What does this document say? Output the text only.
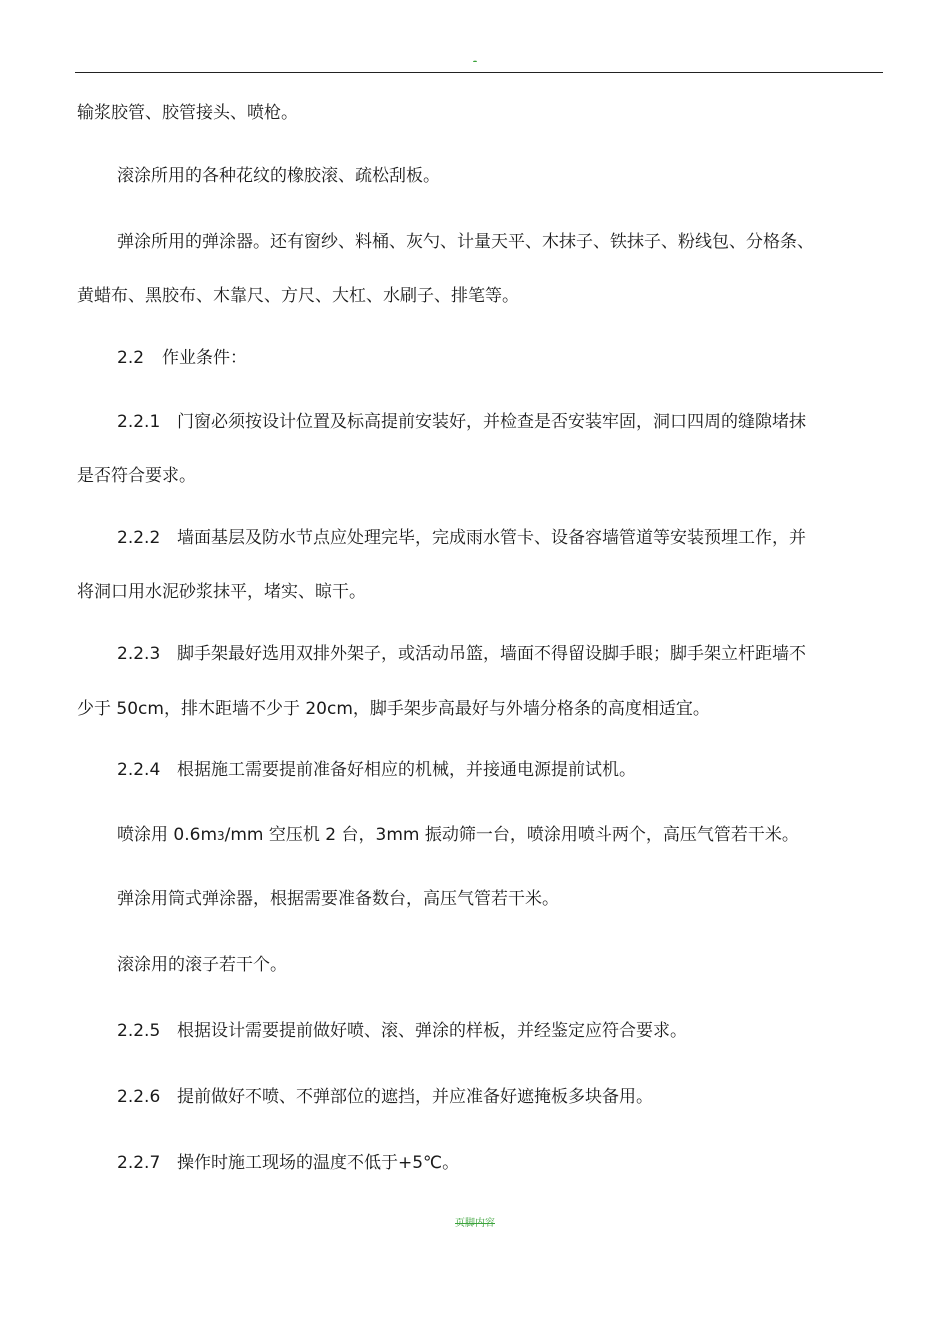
-
输浆胶管、胶管接头、喷枪。
滚涂所用的各种花纹的橡胶滚、疏松刮板。
弹涂所用的弹涂器。还有窗纱、料桶、灰勺、计量天平、木抹子、铁抹子、粉线包、分格条、
黄蜡布、黑胶布、木靠尺、方尺、大杠、水刷子、排笔等。
2.2 作业条件：
2.2.1 门窗必须按设计位置及标高提前安装好，并检查是否安装牢固，洞口四周的缝隙堵抹
是否符合要求。
2.2.2 墙面基层及防水节点应处理完毕，完成雨水管卡、设备容墙管道等安装预埋工作，并
将洞口用水泥砂浆抹平，堵实、晾干。
2.2.3 脚手架最好选用双排外架子，或活动吊篮，墙面不得留设脚手眼；脚手架立杆距墙不
少于 50cm，排木距墙不少于 20cm，脚手架步高最好与外墙分格条的高度相适宜。
2.2.4 根据施工需要提前准备好相应的机械，并接通电源提前试机。
喷涂用 0.6m3/mm 空压机 2 台，3mm 振动筛一台，喷涂用喷斗两个，高压气管若干米。
弹涂用筒式弹涂器，根据需要准备数台，高压气管若干米。
滚涂用的滚子若干个。
2.2.5 根据设计需要提前做好喷、滚、弹涂的样板，并经鉴定应符合要求。
2.2.6 提前做好不喷、不弹部位的遮挡，并应准备好遮掩板多块备用。
2.2.7 操作时施工现场的温度不低于+5℃。
页脚内容
